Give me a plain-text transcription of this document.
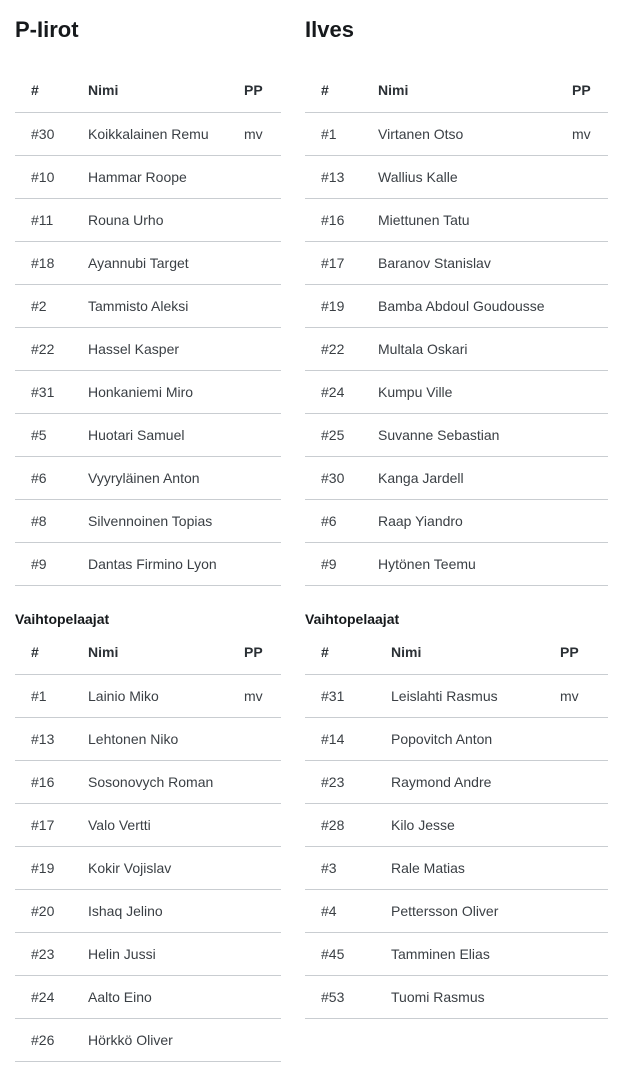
P-Iirot
#	Nimi	PP
#30	Koikkalainen Remu	mv
#10	Hammar Roope	
#11	Rouna Urho	
#18	Ayannubi Target	
#2	Tammisto Aleksi	
#22	Hassel Kasper	
#31	Honkaniemi Miro	
#5	Huotari Samuel	
#6	Vyyryläinen Anton	
#8	Silvennoinen Topias	
#9	Dantas Firmino Lyon	
Vaihtopelaajat
#	Nimi	PP
#1	Lainio Miko	mv
#13	Lehtonen Niko	
#16	Sosonovych Roman	
#17	Valo Vertti	
#19	Kokir Vojislav	
#20	Ishaq Jelino	
#23	Helin Jussi	
#24	Aalto Eino	
#26	Hörkkö Oliver	
Ilves
#	Nimi	PP
#1	Virtanen Otso	mv
#13	Wallius Kalle	
#16	Miettunen Tatu	
#17	Baranov Stanislav	
#19	Bamba Abdoul Goudousse	
#22	Multala Oskari	
#24	Kumpu Ville	
#25	Suvanne Sebastian	
#30	Kanga Jardell	
#6	Raap Yiandro	
#9	Hytönen Teemu	
Vaihtopelaajat
#	Nimi	PP
#31	Leislahti Rasmus	mv
#14	Popovitch Anton	
#23	Raymond Andre	
#28	Kilo Jesse	
#3	Rale Matias	
#4	Pettersson Oliver	
#45	Tamminen Elias	
#53	Tuomi Rasmus	
